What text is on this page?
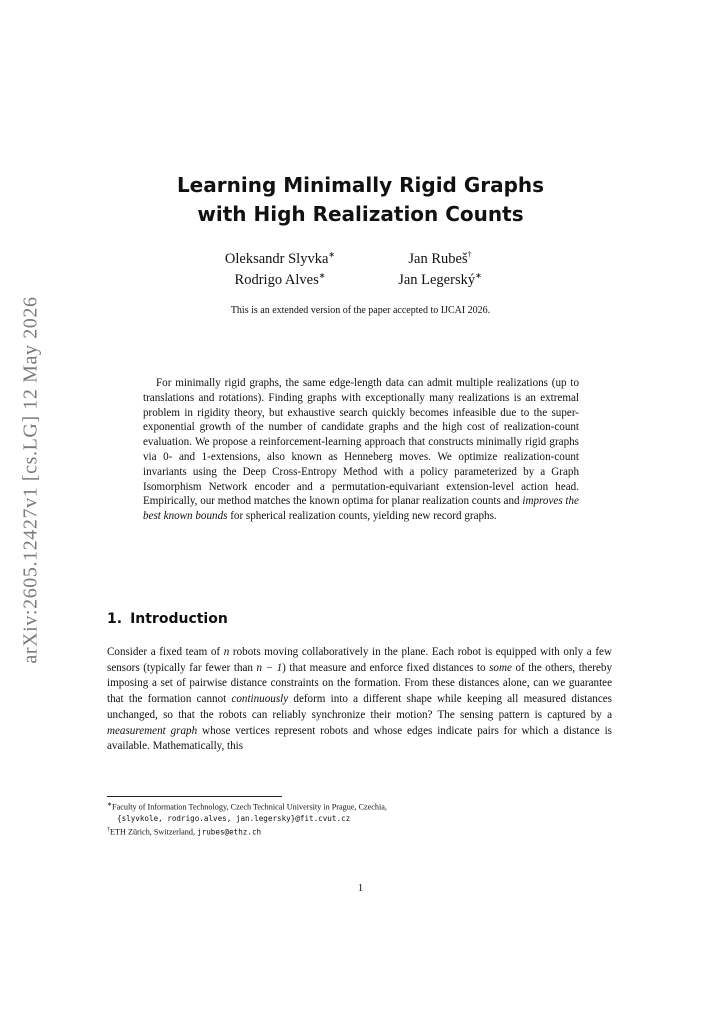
arXiv:2605.12427v1 [cs.LG] 12 May 2026
Learning Minimally Rigid Graphs
with High Realization Counts
Oleksandr Slyvka∗	Jan Rubeš†
Rodrigo Alves∗	Jan Legerský∗
This is an extended version of the paper accepted to IJCAI 2026.

For minimally rigid graphs, the same edge-length data can admit multiple realizations (up to translations and rotations). Finding graphs with exceptionally many realizations is an extremal problem in rigidity theory, but exhaustive search quickly becomes infeasible due to the super-exponential growth of the number of candidate graphs and the high cost of realization-count evaluation. We propose a reinforcement-learning approach that constructs minimally rigid graphs via 0- and 1-extensions, also known as Henneberg moves. We optimize realization-count invariants using the Deep Cross-Entropy Method with a policy parameterized by a Graph Isomorphism Network encoder and a permutation-equivariant extension-level action head. Empirically, our method matches the known optima for planar realization counts and improves the best known bounds for spherical realization counts, yielding new record graphs.

1. Introduction

Consider a fixed team of n robots moving collaboratively in the plane. Each robot is equipped with only a few sensors (typically far fewer than n − 1) that measure and enforce fixed distances to some of the others, thereby imposing a set of pairwise distance constraints on the formation. From these distances alone, can we guarantee that the formation cannot continuously deform into a different shape while keeping all measured distances unchanged, so that the robots can reliably synchronize their motion? The sensing pattern is captured by a measurement graph whose vertices represent robots and whose edges indicate pairs for which a distance is available. Mathematically, this

∗Faculty of Information Technology, Czech Technical University in Prague, Czechia,

{slyvkole, rodrigo.alves, jan.legersky}@fit.cvut.cz

†ETH Zürich, Switzerland, jrubes@ethz.ch

1
